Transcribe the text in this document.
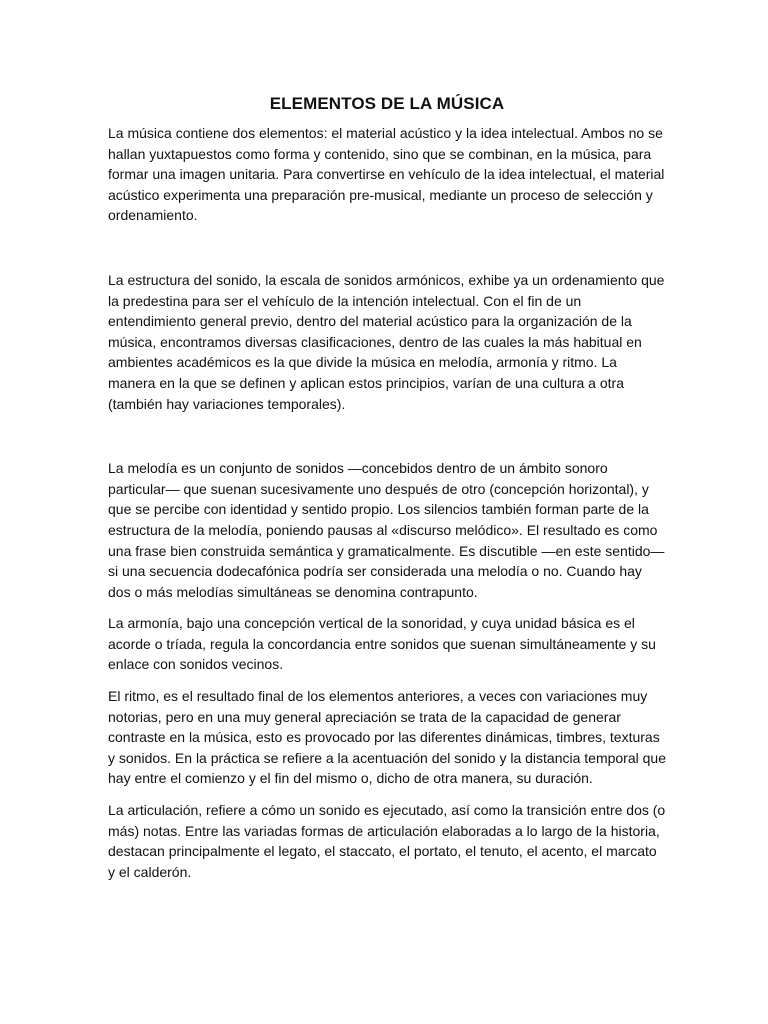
ELEMENTOS DE LA MÚSICA

La música contiene dos elementos: el material acústico y la idea intelectual. Ambos no se hallan yuxtapuestos como forma y contenido, sino que se combinan, en la música, para formar una imagen unitaria. Para convertirse en vehículo de la idea intelectual, el material acústico experimenta una preparación pre-musical, mediante un proceso de selección y ordenamiento.

La estructura del sonido, la escala de sonidos armónicos, exhibe ya un ordenamiento que la predestina para ser el vehículo de la intención intelectual. Con el fin de un entendimiento general previo, dentro del material acústico para la organización de la música, encontramos diversas clasificaciones, dentro de las cuales la más habitual en ambientes académicos es la que divide la música en melodía, armonía y ritmo. La manera en la que se definen y aplican estos principios, varían de una cultura a otra (también hay variaciones temporales).

La melodía es un conjunto de sonidos —concebidos dentro de un ámbito sonoro particular— que suenan sucesivamente uno después de otro (concepción horizontal), y que se percibe con identidad y sentido propio. Los silencios también forman parte de la estructura de la melodía, poniendo pausas al «discurso melódico». El resultado es como una frase bien construida semántica y gramaticalmente. Es discutible —en este sentido— si una secuencia dodecafónica podría ser considerada una melodía o no. Cuando hay dos o más melodías simultáneas se denomina contrapunto.

La armonía, bajo una concepción vertical de la sonoridad, y cuya unidad básica es el acorde o tríada, regula la concordancia entre sonidos que suenan simultáneamente y su enlace con sonidos vecinos.

El ritmo, es el resultado final de los elementos anteriores, a veces con variaciones muy notorias, pero en una muy general apreciación se trata de la capacidad de generar contraste en la música, esto es provocado por las diferentes dinámicas, timbres, texturas y sonidos. En la práctica se refiere a la acentuación del sonido y la distancia temporal que hay entre el comienzo y el fin del mismo o, dicho de otra manera, su duración.

La articulación, refiere a cómo un sonido es ejecutado, así como la transición entre dos (o más) notas. Entre las variadas formas de articulación elaboradas a lo largo de la historia, destacan principalmente el legato, el staccato, el portato, el tenuto, el acento, el marcato y el calderón.
